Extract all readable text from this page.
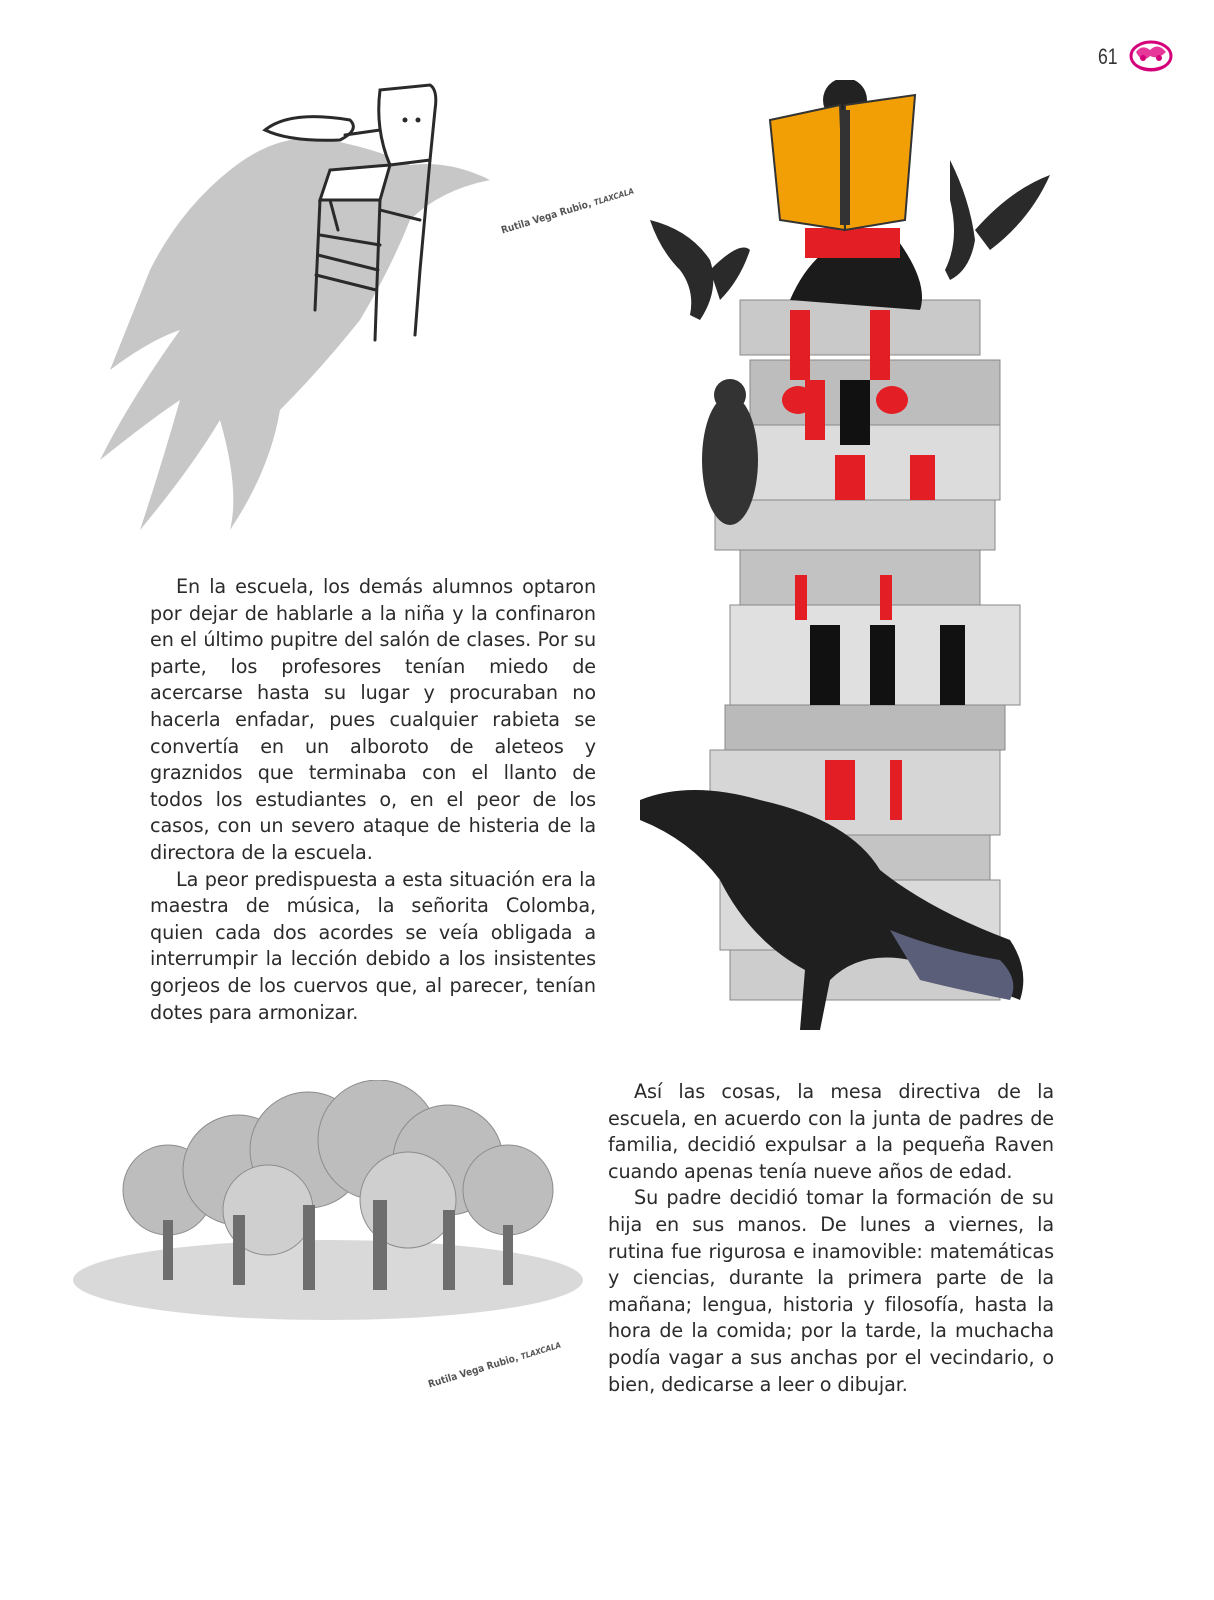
61
Rutila Vega Rubio, TLAXCALA

En la escuela, los demás alumnos optaron por dejar de hablarle a la niña y la confinaron en el último pupitre del salón de clases. Por su parte, los profesores tenían miedo de acercarse hasta su lugar y procuraban no hacerla enfadar, pues cualquier rabieta se convertía en un alboroto de aleteos y graznidos que terminaba con el llanto de todos los estudiantes o, en el peor de los casos, con un severo ataque de histeria de la directora de la escuela.

La peor predispuesta a esta situación era la maestra de música, la señorita Colomba, quien cada dos acordes se veía obligada a interrumpir la lección debido a los insistentes gorjeos de los cuervos que, al parecer, tenían dotes para armonizar.

Rutila Vega Rubio, TLAXCALA

Así las cosas, la mesa directiva de la escuela, en acuerdo con la junta de padres de familia, decidió expulsar a la pequeña Raven cuando apenas tenía nueve años de edad.

Su padre decidió tomar la formación de su hija en sus manos. De lunes a viernes, la rutina fue rigurosa e inamovible: matemáticas y ciencias, durante la primera parte de la mañana; lengua, historia y filosofía, hasta la hora de la comida; por la tarde, la muchacha podía vagar a sus anchas por el vecindario, o bien, dedicarse a leer o dibujar.
